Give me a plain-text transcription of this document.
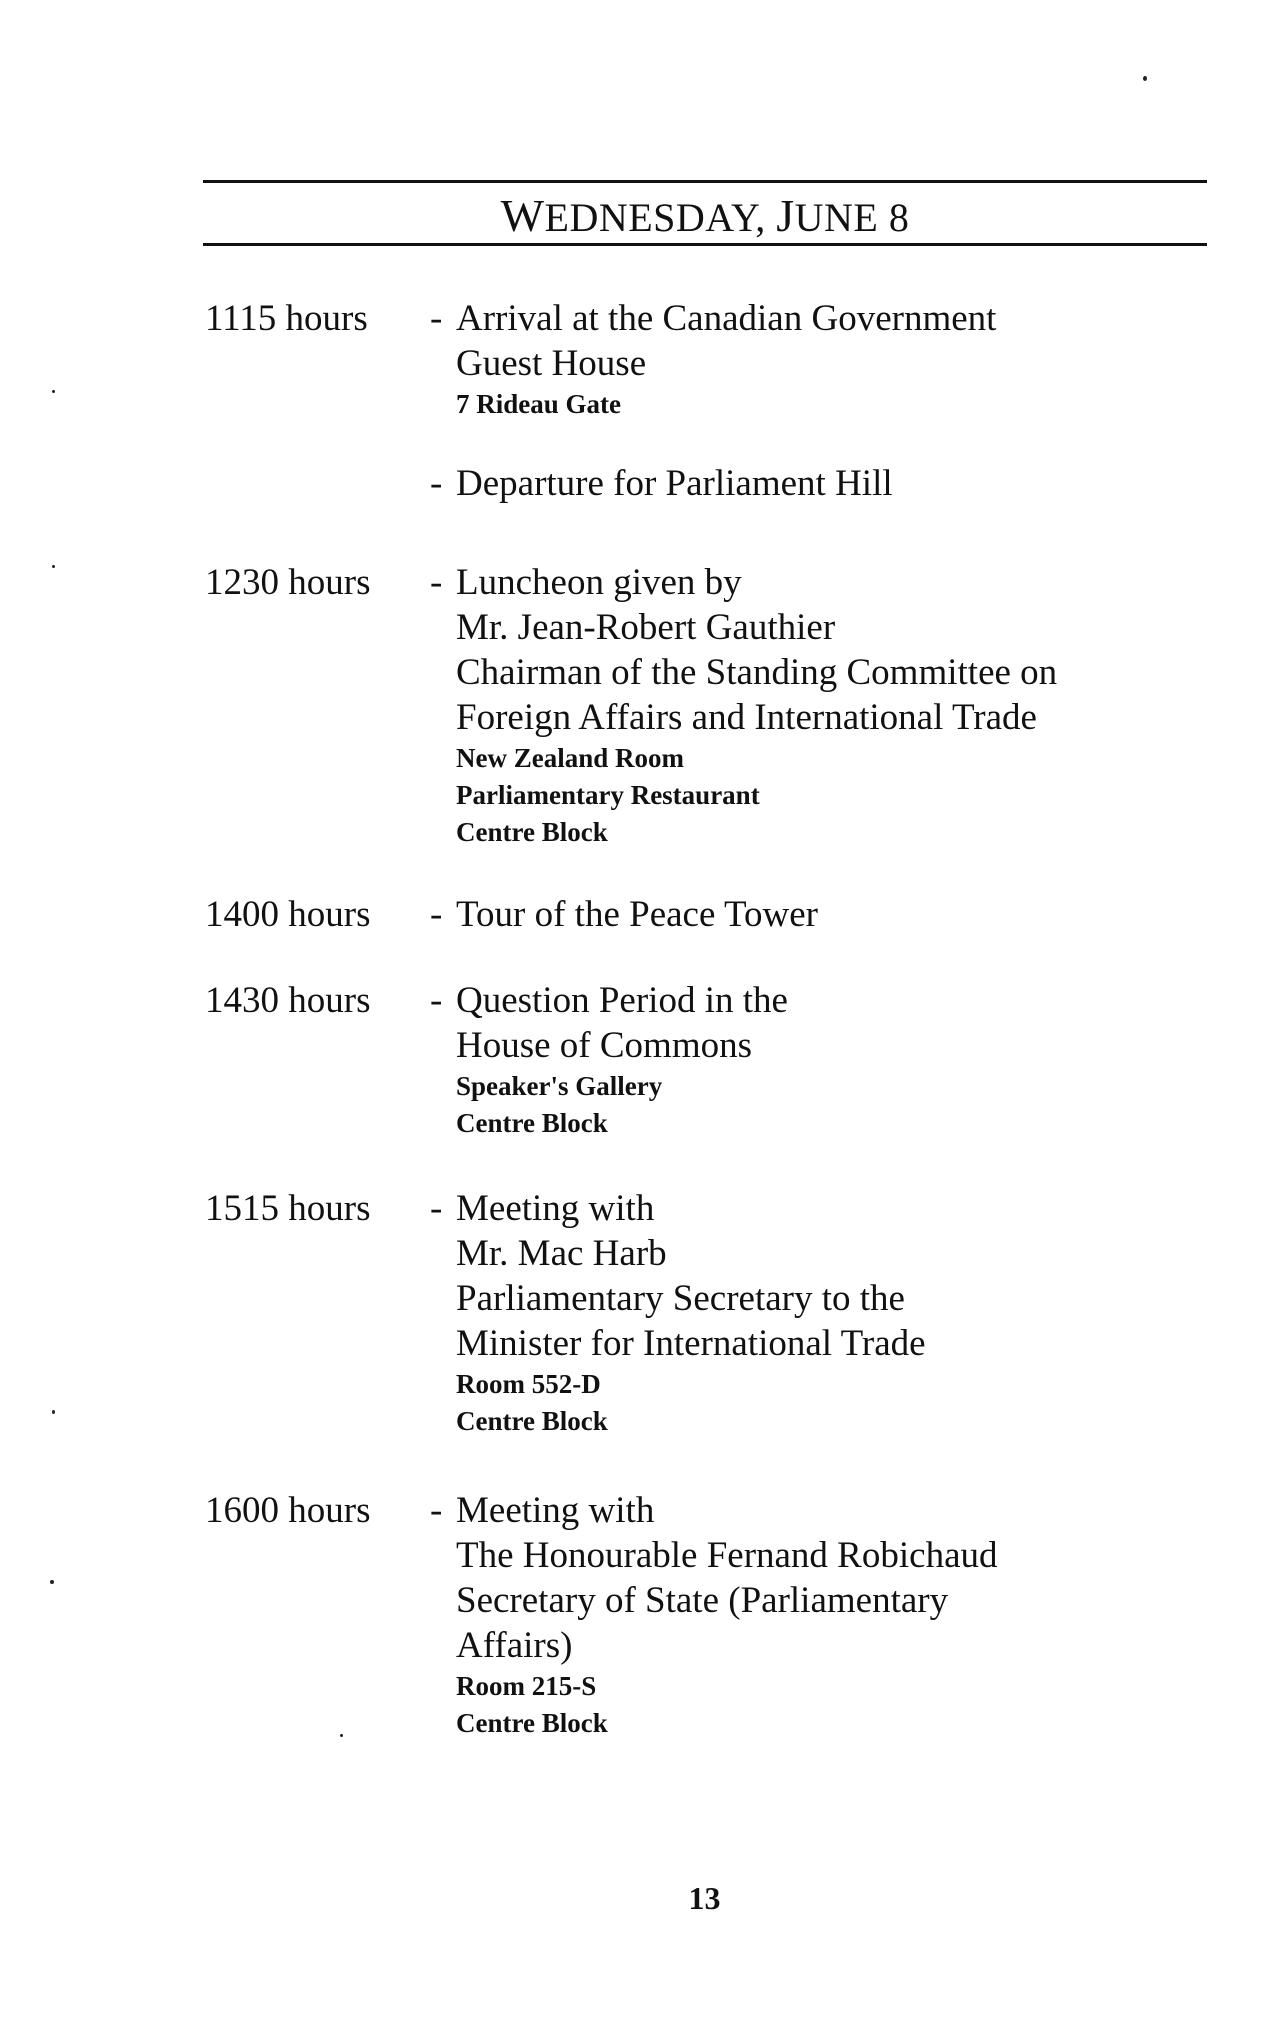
WEDNESDAY, JUNE 8
1115 hours	- Arrival at the Canadian Government
Guest House
7 Rideau Gate
- Departure for Parliament Hill
1230 hours	- Luncheon given by
Mr. Jean-Robert Gauthier
Chairman of the Standing Committee on
Foreign Affairs and International Trade
New Zealand Room
Parliamentary Restaurant
Centre Block
1400 hours	- Tour of the Peace Tower
1430 hours	- Question Period in the
House of Commons
Speaker's Gallery
Centre Block
1515 hours	- Meeting with
Mr. Mac Harb
Parliamentary Secretary to the
Minister for International Trade
Room 552-D
Centre Block
1600 hours	- Meeting with
The Honourable Fernand Robichaud
Secretary of State (Parliamentary
Affairs)
Room 215-S
Centre Block
13
